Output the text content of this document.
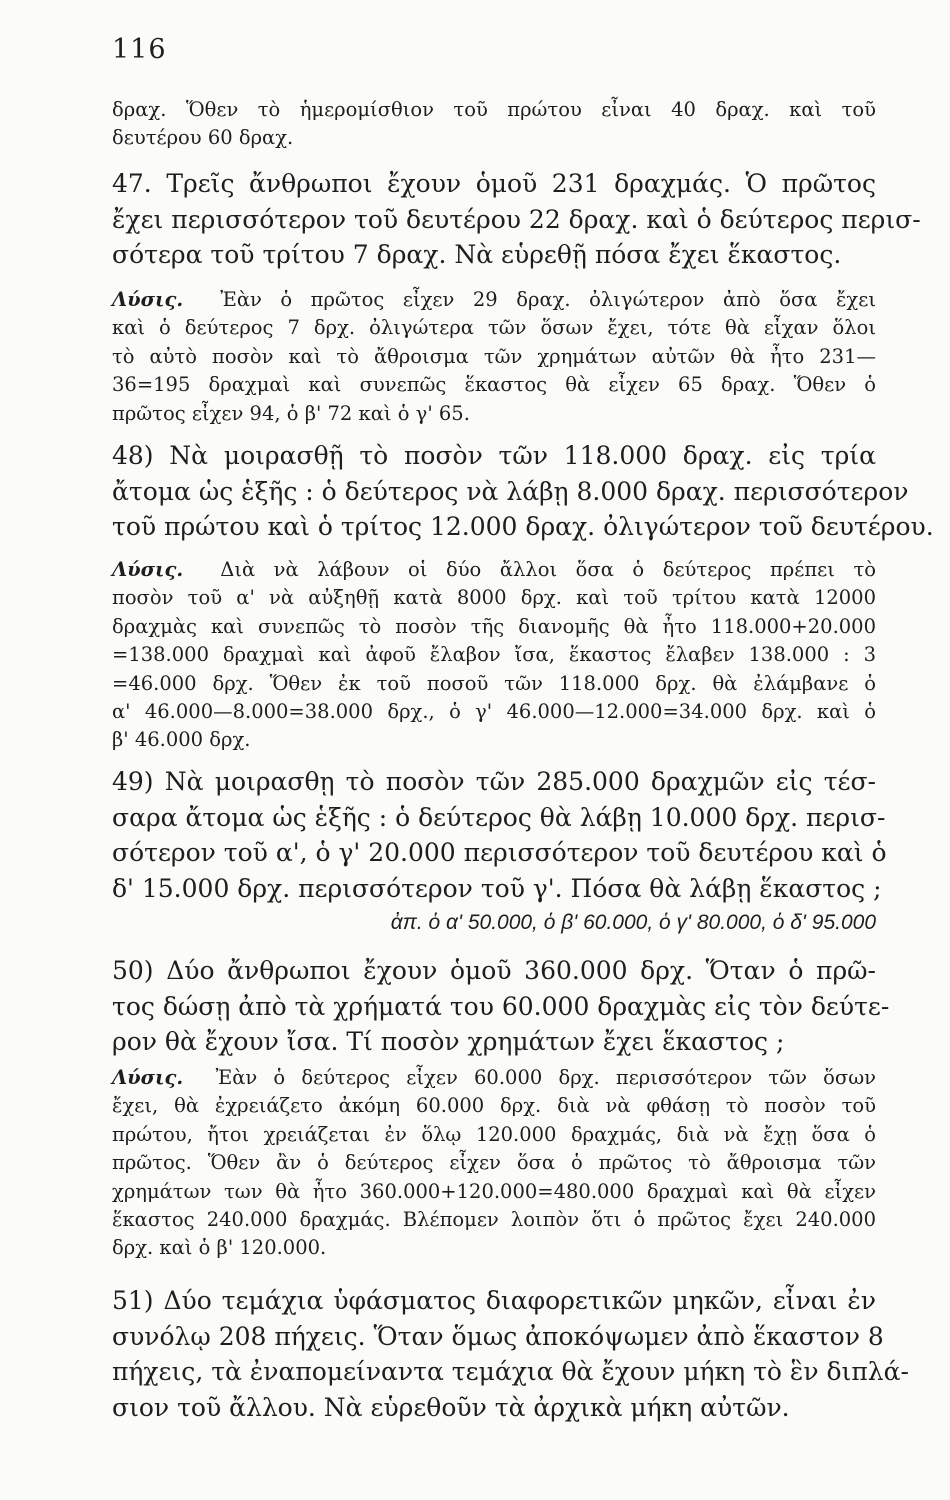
116
δραχ. Ὅθεν τὸ ἡμερομίσθιον τοῦ πρώτου εἶναι 40 δραχ. καὶ τοῦ
δευτέρου 60 δραχ.
47. Τρεῖς ἄνθρωποι ἔχουν ὁμοῦ 231 δραχμάς. Ὁ πρῶτος
ἔχει περισσότερον τοῦ δευτέρου 22 δραχ. καὶ ὁ δεύτερος περισ-
σότερα τοῦ τρίτου 7 δραχ. Νὰ εὑρεθῇ πόσα ἔχει ἕκαστος.
Λύσις. Ἐὰν ὁ πρῶτος εἶχεν 29 δραχ. ὀλιγώτερον ἀπὸ ὅσα ἔχει
καὶ ὁ δεύτερος 7 δρχ. ὀλιγώτερα τῶν ὅσων ἔχει, τότε θὰ εἶχαν ὅλοι
τὸ αὐτὸ ποσὸν καὶ τὸ ἄθροισμα τῶν χρημάτων αὐτῶν θὰ ἦτο 231—
36=195 δραχμαὶ καὶ συνεπῶς ἕκαστος θὰ εἶχεν 65 δραχ. Ὅθεν ὁ
πρῶτος εἶχεν 94, ὁ β' 72 καὶ ὁ γ' 65.
48) Νὰ μοιρασθῇ τὸ ποσὸν τῶν 118.000 δραχ. εἰς τρία
ἄτομα ὡς ἑξῆς : ὁ δεύτερος νὰ λάβῃ 8.000 δραχ. περισσότερον
τοῦ πρώτου καὶ ὁ τρίτος 12.000 δραχ. ὀλιγώτερον τοῦ δευτέρου.
Λύσις. Διὰ νὰ λάβουν οἱ δύο ἄλλοι ὅσα ὁ δεύτερος πρέπει τὸ
ποσὸν τοῦ α' νὰ αὐξηθῇ κατὰ 8000 δρχ. καὶ τοῦ τρίτου κατὰ 12000
δραχμὰς καὶ συνεπῶς τὸ ποσὸν τῆς διανομῆς θὰ ἦτο 118.000+20.000
=138.000 δραχμαὶ καὶ ἀφοῦ ἔλαβον ἴσα, ἕκαστος ἔλαβεν 138.000 : 3
=46.000 δρχ. Ὅθεν ἐκ τοῦ ποσοῦ τῶν 118.000 δρχ. θὰ ἐλάμβανε ὁ
α' 46.000—8.000=38.000 δρχ., ὁ γ' 46.000—12.000=34.000 δρχ. καὶ ὁ
β' 46.000 δρχ.
49) Νὰ μοιρασθῃ τὸ ποσὸν τῶν 285.000 δραχμῶν εἰς τέσ-
σαρα ἄτομα ὡς ἑξῆς : ὁ δεύτερος θὰ λάβῃ 10.000 δρχ. περισ-
σότερον τοῦ α', ὁ γ' 20.000 περισσότερον τοῦ δευτέρου καὶ ὁ
δ' 15.000 δρχ. περισσότερον τοῦ γ'. Πόσα θὰ λάβῃ ἕκαστος ;
ἀπ. ὁ α' 50.000, ὁ β' 60.000, ὁ γ' 80.000, ὁ δ' 95.000
50) Δύο ἄνθρωποι ἔχουν ὁμοῦ 360.000 δρχ. Ὅταν ὁ πρῶ-
τος δώσῃ ἀπὸ τὰ χρήματά του 60.000 δραχμὰς εἰς τὸν δεύτε-
ρον θὰ ἔχουν ἴσα. Τί ποσὸν χρημάτων ἔχει ἕκαστος ;
Λύσις. Ἐὰν ὁ δεύτερος εἶχεν 60.000 δρχ. περισσότερον τῶν ὅσων
ἔχει, θὰ ἐχρειάζετο ἀκόμη 60.000 δρχ. διὰ νὰ φθάσῃ τὸ ποσὸν τοῦ
πρώτου, ἤτοι χρειάζεται ἐν ὅλῳ 120.000 δραχμάς, διὰ νὰ ἔχῃ ὅσα ὁ
πρῶτος. Ὅθεν ἂν ὁ δεύτερος εἶχεν ὅσα ὁ πρῶτος τὸ ἄθροισμα τῶν
χρημάτων των θὰ ἦτο 360.000+120.000=480.000 δραχμαὶ καὶ θὰ εἶχεν
ἕκαστος 240.000 δραχμάς. Βλέπομεν λοιπὸν ὅτι ὁ πρῶτος ἔχει 240.000
δρχ. καὶ ὁ β' 120.000.
51) Δύο τεμάχια ὑφάσματος διαφορετικῶν μηκῶν, εἶναι ἐν
συνόλῳ 208 πήχεις. Ὅταν ὅμως ἀποκόψωμεν ἀπὸ ἕκαστον 8
πήχεις, τὰ ἐναπομείναντα τεμάχια θὰ ἔχουν μήκη τὸ ἓν διπλά-
σιον τοῦ ἄλλου. Νὰ εὑρεθοῦν τὰ ἀρχικὰ μήκη αὐτῶν.
